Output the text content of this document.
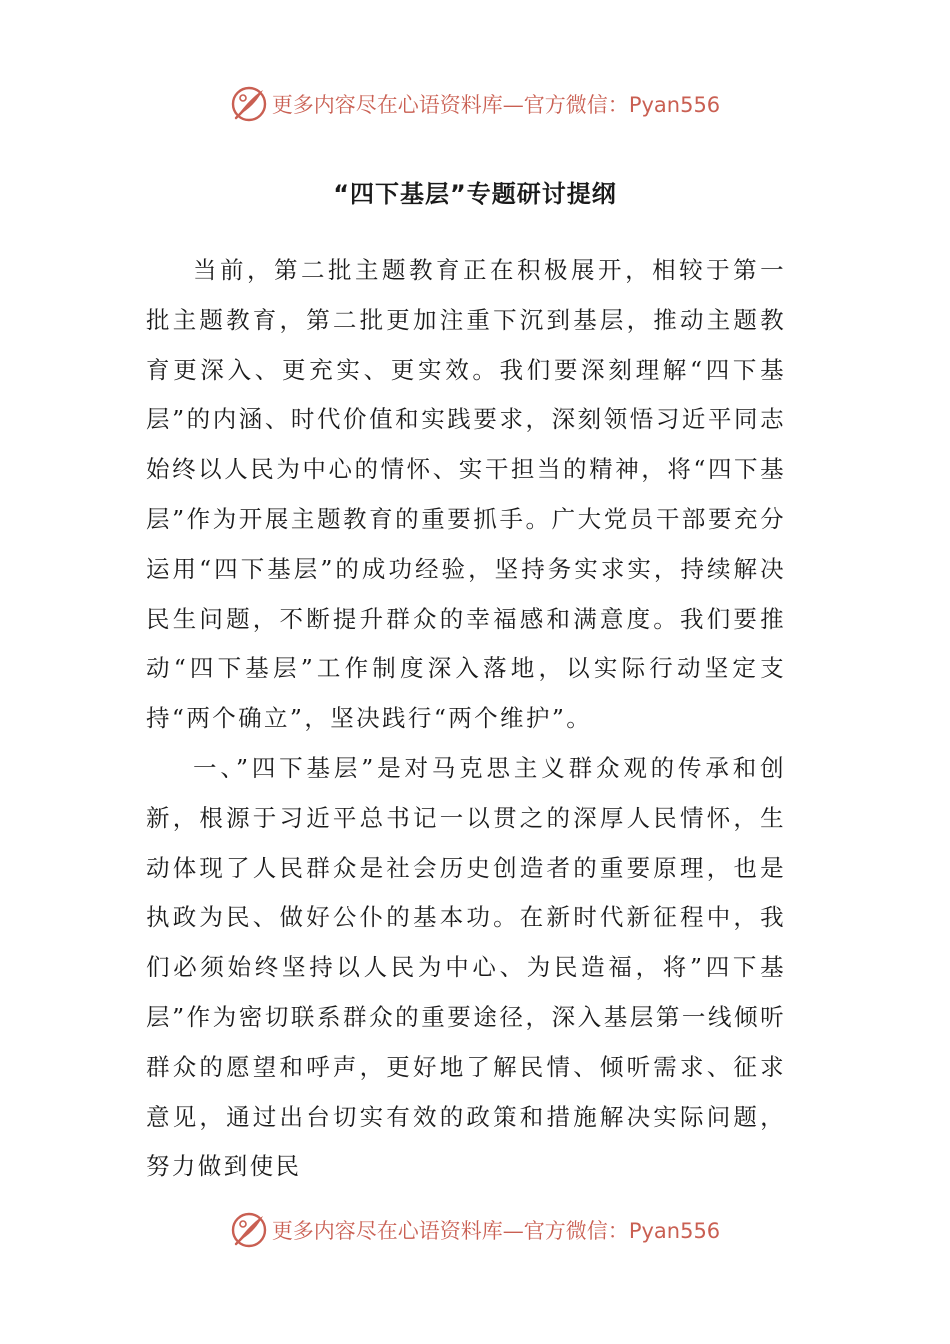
更多内容尽在心语资料库—官方微信：Pyan556
“四下基层”专题研讨提纲

当前，第二批主题教育正在积极展开，相较于第一批主题教育，第二批更加注重下沉到基层，推动主题教育更深入、更充实、更实效。我们要深刻理解“四下基层”的内涵、时代价值和实践要求，深刻领悟习近平同志始终以人民为中心的情怀、实干担当的精神，将“四下基层”作为开展主题教育的重要抓手。广大党员干部要充分运用“四下基层”的成功经验，坚持务实求实，持续解决民生问题，不断提升群众的幸福感和满意度。我们要推动“四下基层”工作制度深入落地，以实际行动坚定支持“两个确立”，坚决践行“两个维护”。

一、”四下基层”是对马克思主义群众观的传承和创新，根源于习近平总书记一以贯之的深厚人民情怀，生动体现了人民群众是社会历史创造者的重要原理，也是执政为民、做好公仆的基本功。在新时代新征程中，我们必须始终坚持以人民为中心、为民造福，将”四下基层”作为密切联系群众的重要途径，深入基层第一线倾听群众的愿望和呼声，更好地了解民情、倾听需求、征求意见，通过出台切实有效的政策和措施解决实际问题，努力做到使民

更多内容尽在心语资料库—官方微信：Pyan556
